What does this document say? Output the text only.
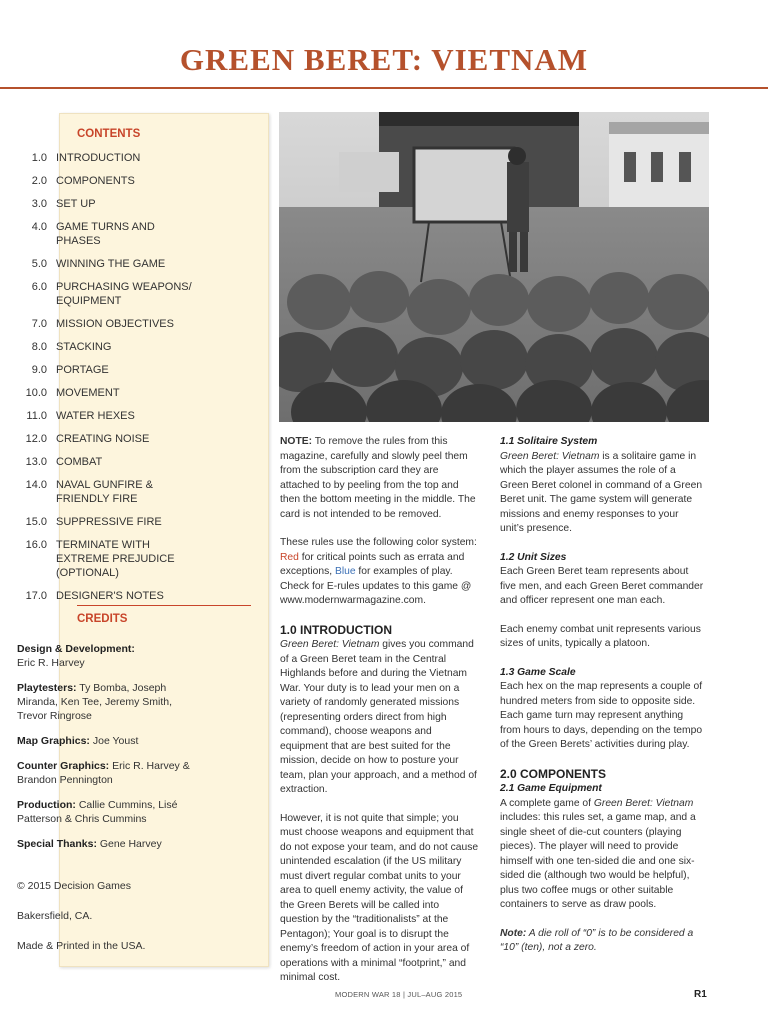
GREEN BERET: VIETNAM
CONTENTS
CREDITS
1.0 INTRODUCTION
2.0 COMPONENTS
3.0 SET UP
4.0 GAME TURNS AND PHASES
5.0 WINNING THE GAME
6.0 PURCHASING WEAPONS/ EQUIPMENT
7.0 MISSION OBJECTIVES
8.0 STACKING
9.0 PORTAGE
10.0 MOVEMENT
11.0 WATER HEXES
12.0 CREATING NOISE
13.0 COMBAT
14.0 NAVAL GUNFIRE & FRIENDLY FIRE
15.0 SUPPRESSIVE FIRE
16.0 TERMINATE WITH EXTREME PREJUDICE (OPTIONAL)
17.0 DESIGNER'S NOTES
Design & Development:
Eric R. Harvey
Playtesters: Ty Bomba, Joseph Miranda, Ken Tee, Jeremy Smith, Trevor Ringrose
Map Graphics: Joe Youst
Counter Graphics: Eric R. Harvey & Brandon Pennington
Production: Callie Cummins, Lisé Patterson & Chris Cummins
Special Thanks: Gene Harvey
© 2015 Decision Games
Bakersfield, CA.
Made & Printed in the USA.

NOTE: To remove the rules from this magazine, carefully and slowly peel them from the subscription card they are attached to by peeling from the top and then the bottom meeting in the middle. The card is not intended to be removed.

These rules use the following color system: Red for critical points such as errata and exceptions, Blue for examples of play. Check for E-rules updates to this game @ www.modernwarmagazine.com.

1.0 INTRODUCTION

Green Beret: Vietnam gives you command of a Green Beret team in the Central Highlands before and during the Vietnam War. Your duty is to lead your men on a variety of randomly generated missions (representing orders direct from high command), choose weapons and equipment that are best suited for the mission, decide on how to posture your team, plan your approach, and a method of extraction.

However, it is not quite that simple; you must choose weapons and equipment that do not expose your team, and do not cause unintended escalation (if the US military must divert regular combat units to your area to quell enemy activity, the value of the Green Berets will be called into question by the “traditionalists” at the Pentagon); Your goal is to disrupt the enemy’s freedom of action in your area of operations with a minimal “footprint,” and minimal cost.

1.1 Solitaire System

Green Beret: Vietnam is a solitaire game in which the player assumes the role of a Green Beret colonel in command of a Green Beret unit. The game system will generate missions and enemy responses to your unit’s presence.

1.2 Unit Sizes

Each Green Beret team represents about five men, and each Green Beret commander and officer represent one man each.

Each enemy combat unit represents various sizes of units, typically a platoon.

1.3 Game Scale

Each hex on the map represents a couple of hundred meters from side to opposite side. Each game turn may represent anything from hours to days, depending on the tempo of the Green Berets’ activities during play.

2.0 COMPONENTS
2.1 Game Equipment

A complete game of Green Beret: Vietnam includes: this rules set, a game map, and a single sheet of die-cut counters (playing pieces). The player will need to provide himself with one ten-sided die and one six-sided die (although two would be helpful), plus two coffee mugs or other suitable containers to serve as draw pools.

Note: A die roll of “0” is to be considered a “10” (ten), not a zero.

MODERN WAR 18 | JUL–AUG 2015	R1
